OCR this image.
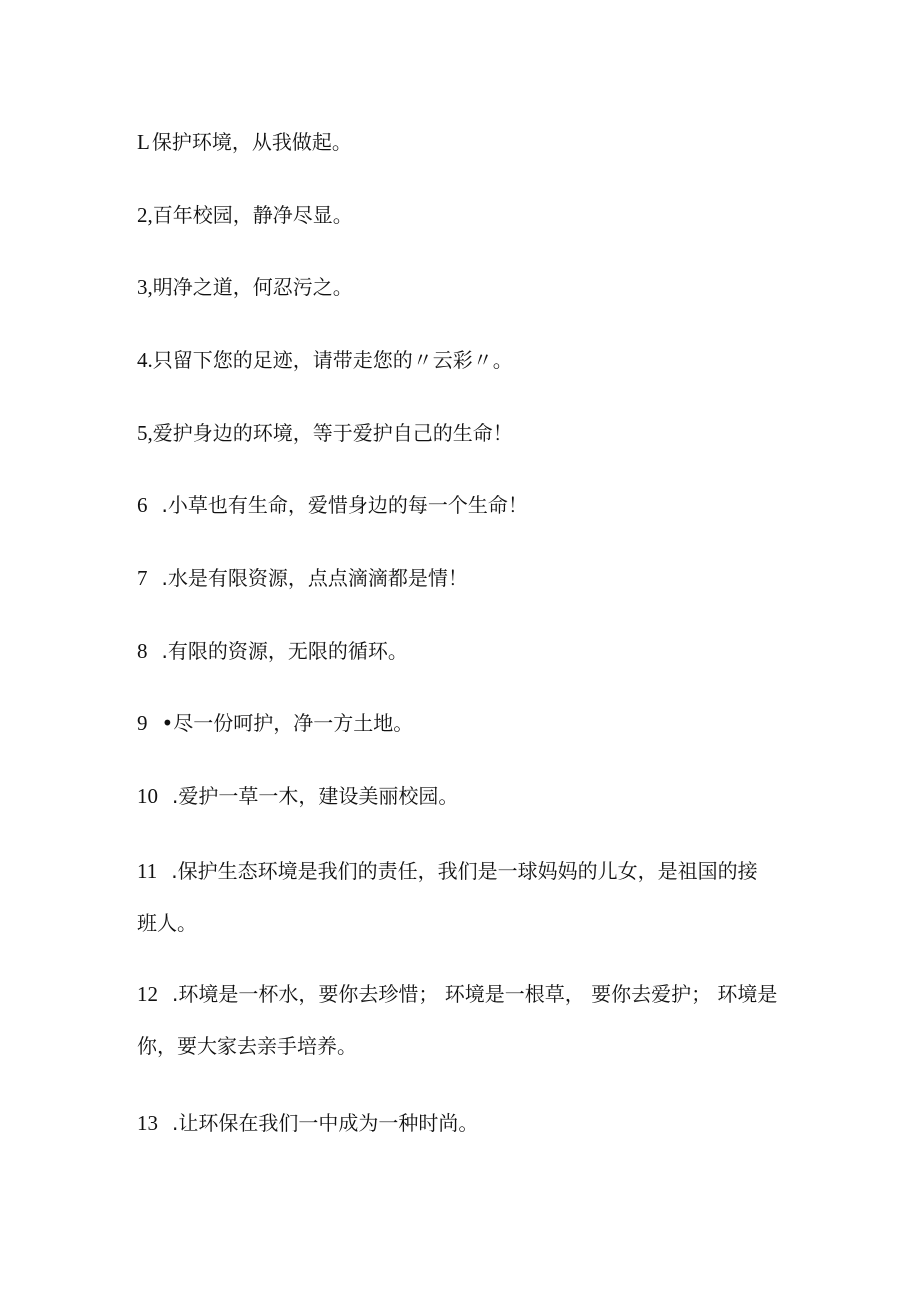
L 保护环境，从我做起。
2,百年校园，静净尽显。
3,明净之道，何忍污之。
4.只留下您的足迹，请带走您的〃云彩〃。
5,爱护身边的环境，等于爱护自己的生命！
6 .小草也有生命，爱惜身边的每一个生命！
7 .水是有限资源，点点滴滴都是情！
8 .有限的资源，无限的循环。
9 •尽一份呵护，净一方土地。
10 .爱护一草一木，建设美丽校园。
11 .保护生态环境是我们的责任，我们是一球妈妈的儿女，是祖国的接
班人。
12 .环境是一杯水，要你去珍惜； 环境是一根草， 要你去爱护； 环境是
你，要大家去亲手培养。
13 .让环保在我们一中成为一种时尚。
